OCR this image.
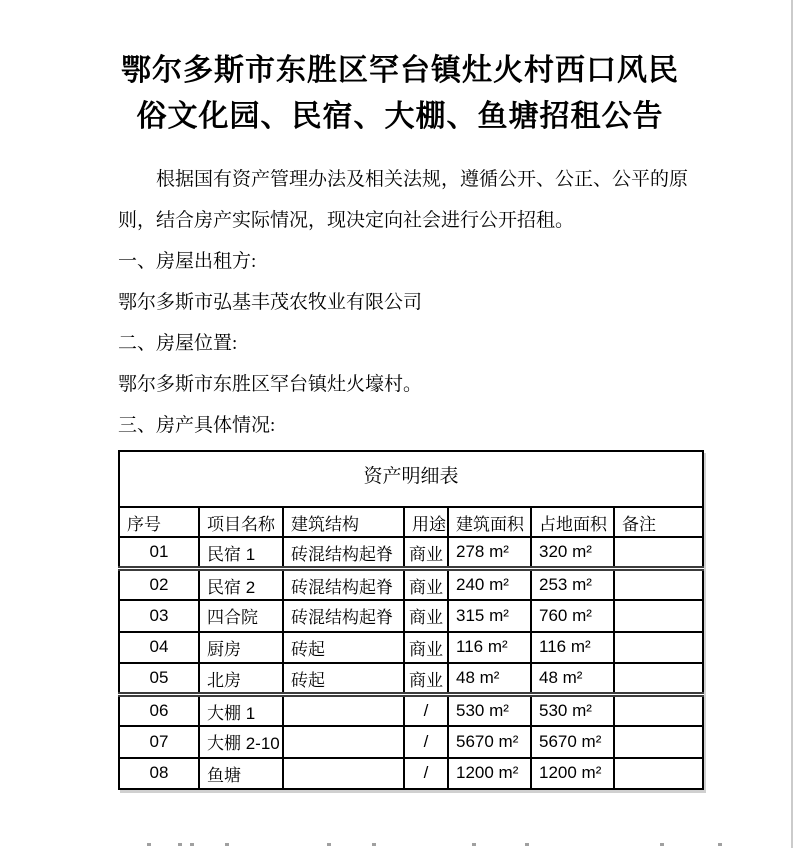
鄂尔多斯市东胜区罕台镇灶火村西口风民
俗文化园、民宿、大棚、鱼塘招租公告
根据国有资产管理办法及相关法规，遵循公开、公正、公平的原
则，结合房产实际情况，现决定向社会进行公开招租。
一、房屋出租方:
鄂尔多斯市弘基丰茂农牧业有限公司
二、房屋位置:
鄂尔多斯市东胜区罕台镇灶火壕村。
三、房产具体情况:
资产明细表						
序号	项目名称	建筑结构	用途	建筑面积	占地面积	备注
01	民宿 1	砖混结构起脊	商业	278 m²	320 m²	
02	民宿 2	砖混结构起脊	商业	240 m²	253 m²	
03	四合院	砖混结构起脊	商业	315 m²	760 m²	
04	厨房	砖起	商业	116 m²	116 m²	
05	北房	砖起	商业	48 m²	48 m²	
06	大棚 1		/	530 m²	530 m²	
07	大棚 2-10		/	5670 m²	5670 m²	
08	鱼塘		/	1200 m²	1200 m²	
